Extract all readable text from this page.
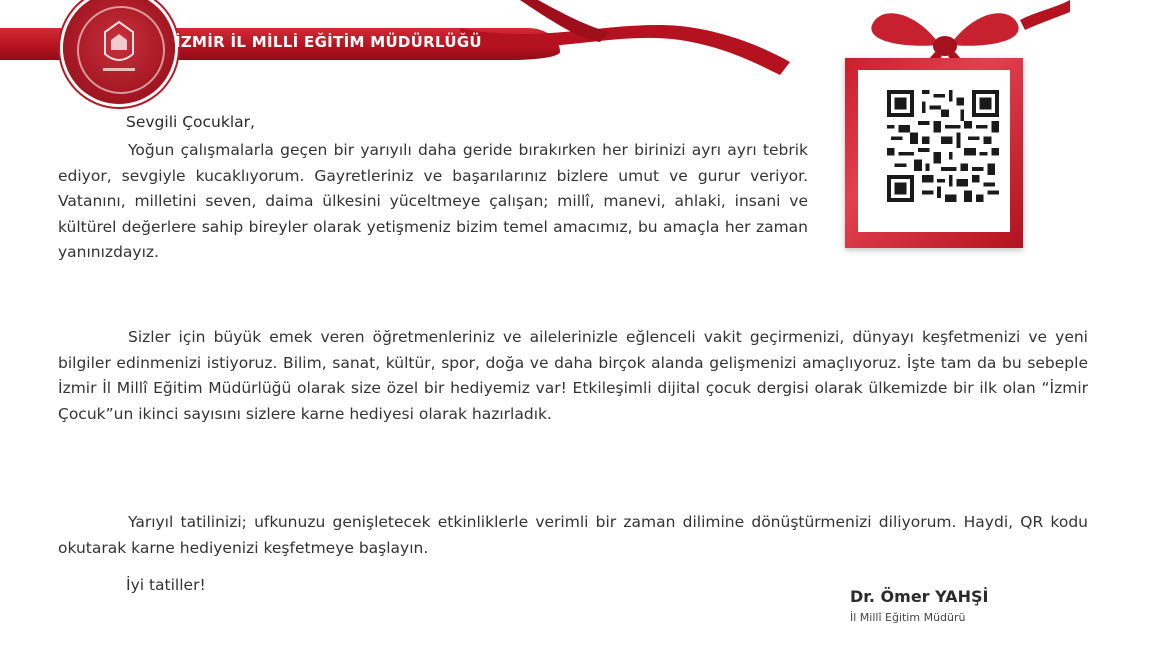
İZMİR İL MİLLİ EĞİTİM MÜDÜRLÜĞÜ
Sevgili Çocuklar,
Yoğun çalışmalarla geçen bir yarıyılı daha geride bırakırken her birinizi ayrı ayrı tebrik ediyor, sevgiyle kucaklıyorum. Gayretleriniz ve başarılarınız bizlere umut ve gurur veriyor. Vatanını, milletini seven, daima ülkesini yüceltmeye çalışan; millî, manevi, ahlaki, insani ve kültürel değerlere sahip bireyler olarak yetişmeniz bizim temel amacımız, bu amaçla her zaman yanınızdayız.
Sizler için büyük emek veren öğretmenleriniz ve ailelerinizle eğlenceli vakit geçirmenizi, dünyayı keşfetmenizi ve yeni bilgiler edinmenizi istiyoruz. Bilim, sanat, kültür, spor, doğa ve daha birçok alanda gelişmenizi amaçlıyoruz. İşte tam da bu sebeple İzmir İl Millî Eğitim Müdürlüğü olarak size özel bir hediyemiz var! Etkileşimli dijital çocuk dergisi olarak ülkemizde bir ilk olan “İzmir Çocuk”un ikinci sayısını sizlere karne hediyesi olarak hazırladık.
Yarıyıl tatilinizi; ufkunuzu genişletecek etkinliklerle verimli bir zaman dilimine dönüştürmenizi diliyorum. Haydi, QR kodu okutarak karne hediyenizi keşfetmeye başlayın.
İyi tatiller!
Dr. Ömer YAHŞİ
İl Millî Eğitim Müdürü
